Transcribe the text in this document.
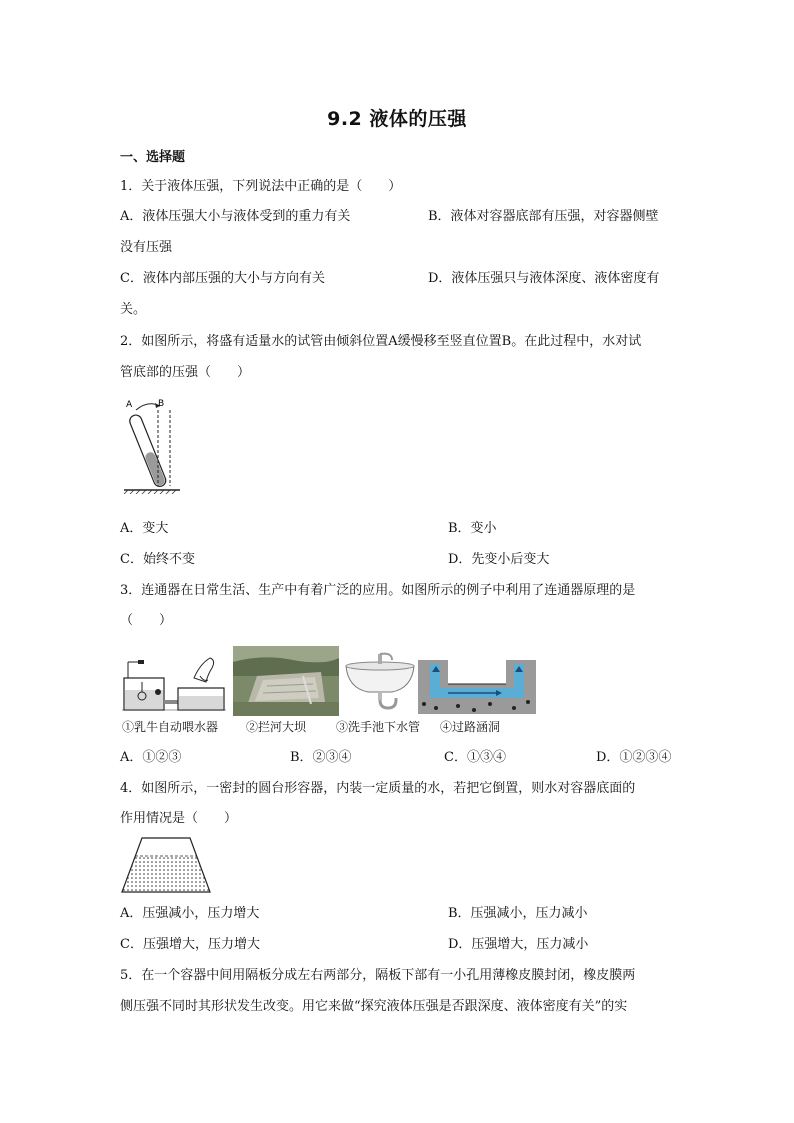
9.2 液体的压强
一、选择题
1．关于液体压强，下列说法中正确的是（　　）
A．液体压强大小与液体受到的重力有关	B．液体对容器底部有压强，对容器侧壁
没有压强
C．液体内部压强的大小与方向有关	D．液体压强只与液体深度、液体密度有
关。
2．如图所示，将盛有适量水的试管由倾斜位置A缓慢移至竖直位置B。在此过程中，水对试
管底部的压强（　　）
A	B
A．变大	B．变小
C．始终不变	D．先变小后变大
3．连通器在日常生活、生产中有着广泛的应用。如图所示的例子中利用了连通器原理的是
（　　）
①乳牛自动喂水器 ②拦河大坝 ③洗手池下水管 ④过路涵洞
A．①②③	B．②③④	C．①③④	D．①②③④
4．如图所示，一密封的圆台形容器，内装一定质量的水，若把它倒置，则水对容器底面的
作用情况是（　　）
A．压强减小，压力增大	B．压强减小，压力减小
C．压强增大，压力增大	D．压强增大，压力减小
5．在一个容器中间用隔板分成左右两部分，隔板下部有一小孔用薄橡皮膜封闭，橡皮膜两
侧压强不同时其形状发生改变。用它来做“探究液体压强是否跟深度、液体密度有关”的实
